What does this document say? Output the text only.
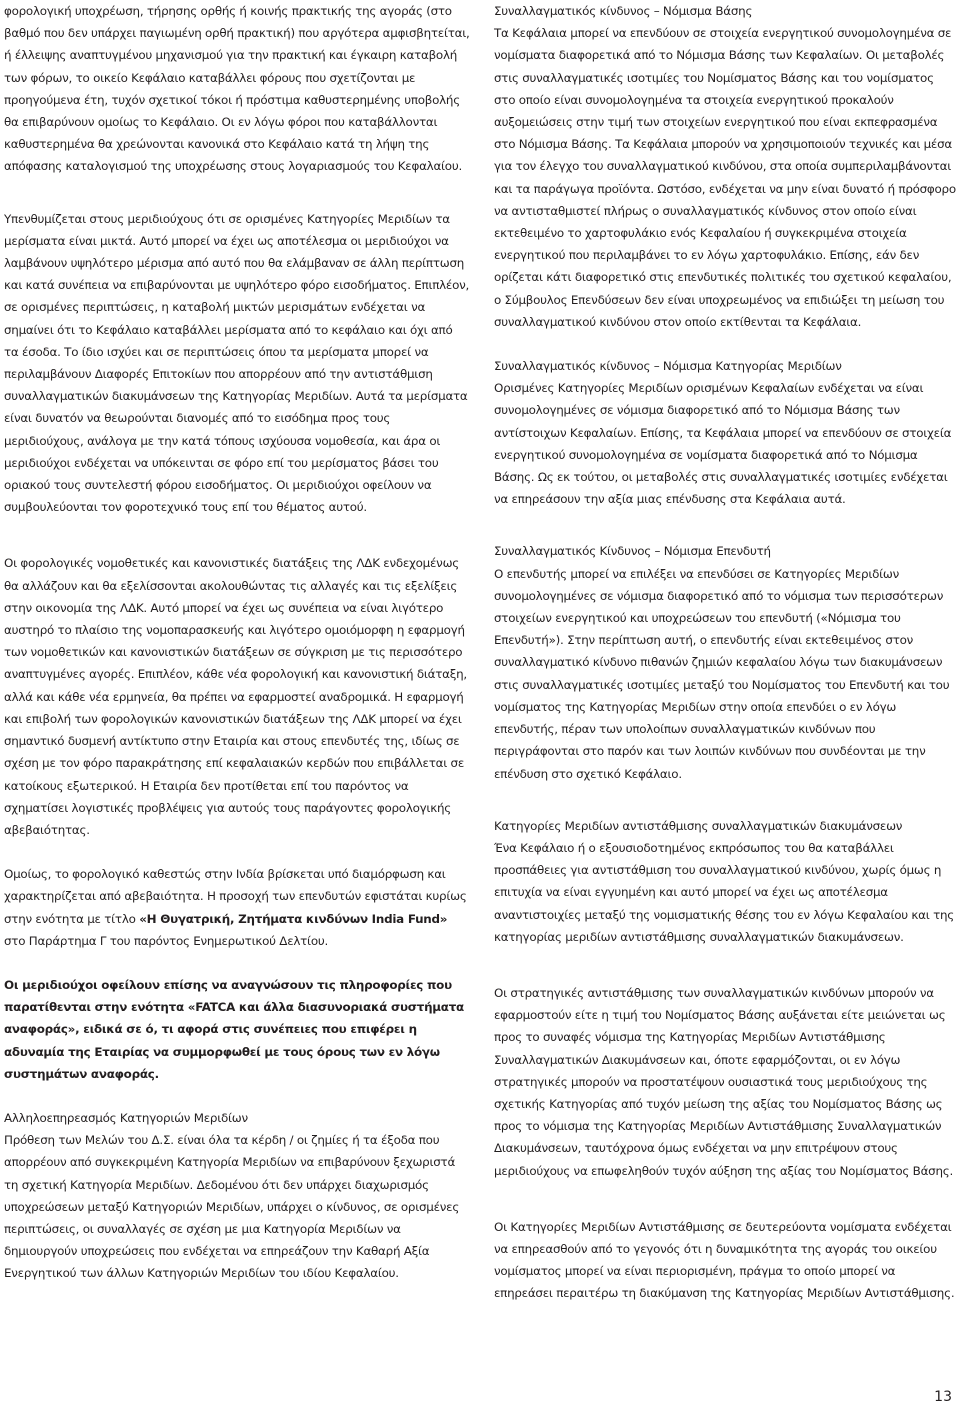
φορολογική υποχρέωση, τήρησης ορθής ή κοινής πρακτικής της αγοράς (στο βαθμό που δεν υπάρχει παγιωμένη ορθή πρακτική) που αργότερα αμφισβητείται, ή έλλειψης αναπτυγμένου μηχανισμού για την πρακτική και έγκαιρη καταβολή των φόρων, το οικείο Κεφάλαιο καταβάλλει φόρους που σχετίζονται με προηγούμενα έτη, τυχόν σχετικοί τόκοι ή πρόστιμα καθυστερημένης υποβολής θα επιβαρύνουν ομοίως το Κεφάλαιο. Οι εν λόγω φόροι που καταβάλλονται καθυστερημένα θα χρεώνονται κανονικά στο Κεφάλαιο κατά τη λήψη της απόφασης καταλογισμού της υποχρέωσης στους λογαριασμούς του Κεφαλαίου.

Υπενθυμίζεται στους μεριδιούχους ότι σε ορισμένες Κατηγορίες Μεριδίων τα μερίσματα είναι μικτά. Αυτό μπορεί να έχει ως αποτέλεσμα οι μεριδιούχοι να λαμβάνουν υψηλότερο μέρισμα από αυτό που θα ελάμβαναν σε άλλη περίπτωση και κατά συνέπεια να επιβαρύνονται με υψηλότερο φόρο εισοδήματος. Επιπλέον, σε ορισμένες περιπτώσεις, η καταβολή μικτών μερισμάτων ενδέχεται να σημαίνει ότι το Κεφάλαιο καταβάλλει μερίσματα από το κεφάλαιο και όχι από τα έσοδα. Το ίδιο ισχύει και σε περιπτώσεις όπου τα μερίσματα μπορεί να περιλαμβάνουν Διαφορές Επιτοκίων που απορρέουν από την αντιστάθμιση συναλλαγματικών διακυμάνσεων της Κατηγορίας Μεριδίων. Αυτά τα μερίσματα είναι δυνατόν να θεωρούνται διανομές από το εισόδημα προς τους μεριδιούχους, ανάλογα με την κατά τόπους ισχύουσα νομοθεσία, και άρα οι μεριδιούχοι ενδέχεται να υπόκεινται σε φόρο επί του μερίσματος βάσει του οριακού τους συντελεστή φόρου εισοδήματος. Οι μεριδιούχοι οφείλουν να συμβουλεύονται τον φοροτεχνικό τους επί του θέματος αυτού.

Οι φορολογικές νομοθετικές και κανονιστικές διατάξεις της ΛΔΚ ενδεχομένως θα αλλάζουν και θα εξελίσσονται ακολουθώντας τις αλλαγές και τις εξελίξεις στην οικονομία της ΛΔΚ. Αυτό μπορεί να έχει ως συνέπεια να είναι λιγότερο αυστηρό το πλαίσιο της νομοπαρασκευής και λιγότερο ομοιόμορφη η εφαρμογή των νομοθετικών και κανονιστικών διατάξεων σε σύγκριση με τις περισσότερο αναπτυγμένες αγορές. Επιπλέον, κάθε νέα φορολογική και κανονιστική διάταξη, αλλά και κάθε νέα ερμηνεία, θα πρέπει να εφαρμοστεί αναδρομικά. Η εφαρμογή και επιβολή των φορολογικών κανονιστικών διατάξεων της ΛΔΚ μπορεί να έχει σημαντικό δυσμενή αντίκτυπο στην Εταιρία και στους επενδυτές της, ιδίως σε σχέση με τον φόρο παρακράτησης επί κεφαλαιακών κερδών που επιβάλλεται σε κατοίκους εξωτερικού. Η Εταιρία δεν προτίθεται επί του παρόντος να σχηματίσει λογιστικές προβλέψεις για αυτούς τους παράγοντες φορολογικής αβεβαιότητας.

Ομοίως, το φορολογικό καθεστώς στην Ινδία βρίσκεται υπό διαμόρφωση και χαρακτηρίζεται από αβεβαιότητα. Η προσοχή των επενδυτών εφιστάται κυρίως στην ενότητα με τίτλο «Η Θυγατρική, Ζητήματα κινδύνων India Fund» στο Παράρτημα Γ του παρόντος Ενημερωτικού Δελτίου.

Οι μεριδιούχοι οφείλουν επίσης να αναγνώσουν τις πληροφορίες που παρατίθενται στην ενότητα «FATCA και άλλα διασυνοριακά συστήματα αναφοράς», ειδικά σε ό, τι αφορά στις συνέπειες που επιφέρει η αδυναμία της Εταιρίας να συμμορφωθεί με τους όρους των εν λόγω συστημάτων αναφοράς.

Αλληλοεπηρεασμός Κατηγοριών Μεριδίων

Πρόθεση των Μελών του Δ.Σ. είναι όλα τα κέρδη / οι ζημίες ή τα έξοδα που απορρέουν από συγκεκριμένη Κατηγορία Μεριδίων να επιβαρύνουν ξεχωριστά τη σχετική Κατηγορία Μεριδίων. Δεδομένου ότι δεν υπάρχει διαχωρισμός υποχρεώσεων μεταξύ Κατηγοριών Μεριδίων, υπάρχει ο κίνδυνος, σε ορισμένες περιπτώσεις, οι συναλλαγές σε σχέση με μια Κατηγορία Μεριδίων να δημιουργούν υποχρεώσεις που ενδέχεται να επηρεάζουν την Καθαρή Αξία Ενεργητικού των άλλων Κατηγοριών Μεριδίων του ιδίου Κεφαλαίου.

Συναλλαγματικός κίνδυνος – Νόμισμα Βάσης

Τα Κεφάλαια μπορεί να επενδύουν σε στοιχεία ενεργητικού συνομολογημένα σε νομίσματα διαφορετικά από το Νόμισμα Βάσης των Κεφαλαίων. Οι μεταβολές στις συναλλαγματικές ισοτιμίες του Νομίσματος Βάσης και του νομίσματος στο οποίο είναι συνομολογημένα τα στοιχεία ενεργητικού προκαλούν αυξομειώσεις στην τιμή των στοιχείων ενεργητικού που είναι εκπεφρασμένα στο Νόμισμα Βάσης. Τα Κεφάλαια μπορούν να χρησιμοποιούν τεχνικές και μέσα για τον έλεγχο του συναλλαγματικού κινδύνου, στα οποία συμπεριλαμβάνονται και τα παράγωγα προϊόντα. Ωστόσο, ενδέχεται να μην είναι δυνατό ή πρόσφορο να αντισταθμιστεί πλήρως ο συναλλαγματικός κίνδυνος στον οποίο είναι εκτεθειμένο το χαρτοφυλάκιο ενός Κεφαλαίου ή συγκεκριμένα στοιχεία ενεργητικού που περιλαμβάνει το εν λόγω χαρτοφυλάκιο. Επίσης, εάν δεν ορίζεται κάτι διαφορετικό στις επενδυτικές πολιτικές του σχετικού κεφαλαίου, ο Σύμβουλος Επενδύσεων δεν είναι υποχρεωμένος να επιδιώξει τη μείωση του συναλλαγματικού κινδύνου στον οποίο εκτίθενται τα Κεφάλαια.

Συναλλαγματικός κίνδυνος – Νόμισμα Κατηγορίας Μεριδίων

Ορισμένες Κατηγορίες Μεριδίων ορισμένων Κεφαλαίων ενδέχεται να είναι συνομολογημένες σε νόμισμα διαφορετικό από το Νόμισμα Βάσης των αντίστοιχων Κεφαλαίων. Επίσης, τα Κεφάλαια μπορεί να επενδύουν σε στοιχεία ενεργητικού συνομολογημένα σε νομίσματα διαφορετικά από το Νόμισμα Βάσης. Ως εκ τούτου, οι μεταβολές στις συναλλαγματικές ισοτιμίες ενδέχεται να επηρεάσουν την αξία μιας επένδυσης στα Κεφάλαια αυτά.

Συναλλαγματικός Κίνδυνος – Νόμισμα Επενδυτή

Ο επενδυτής μπορεί να επιλέξει να επενδύσει σε Κατηγορίες Μεριδίων συνομολογημένες σε νόμισμα διαφορετικό από το νόμισμα των περισσότερων στοιχείων ενεργητικού και υποχρεώσεων του επενδυτή («Νόμισμα του Επενδυτή»). Στην περίπτωση αυτή, ο επενδυτής είναι εκτεθειμένος στον συναλλαγματικό κίνδυνο πιθανών ζημιών κεφαλαίου λόγω των διακυμάνσεων στις συναλλαγματικές ισοτιμίες μεταξύ του Νομίσματος του Επενδυτή και του νομίσματος της Κατηγορίας Μεριδίων στην οποία επενδύει ο εν λόγω επενδυτής, πέραν των υπολοίπων συναλλαγματικών κινδύνων που περιγράφονται στο παρόν και των λοιπών κινδύνων που συνδέονται με την επένδυση στο σχετικό Κεφάλαιο.

Κατηγορίες Μεριδίων αντιστάθμισης συναλλαγματικών διακυμάνσεων

Ένα Κεφάλαιο ή ο εξουσιοδοτημένος εκπρόσωπος του θα καταβάλλει προσπάθειες για αντιστάθμιση του συναλλαγματικού κινδύνου, χωρίς όμως η επιτυχία να είναι εγγυημένη και αυτό μπορεί να έχει ως αποτέλεσμα αναντιστοιχίες μεταξύ της νομισματικής θέσης του εν λόγω Κεφαλαίου και της κατηγορίας μεριδίων αντιστάθμισης συναλλαγματικών διακυμάνσεων.

Οι στρατηγικές αντιστάθμισης των συναλλαγματικών κινδύνων μπορούν να εφαρμοστούν είτε η τιμή του Νομίσματος Βάσης αυξάνεται είτε μειώνεται ως προς το συναφές νόμισμα της Κατηγορίας Μεριδίων Αντιστάθμισης Συναλλαγματικών Διακυμάνσεων και, όποτε εφαρμόζονται, οι εν λόγω στρατηγικές μπορούν να προστατέψουν ουσιαστικά τους μεριδιούχους της σχετικής Κατηγορίας από τυχόν μείωση της αξίας του Νομίσματος Βάσης ως προς το νόμισμα της Κατηγορίας Μεριδίων Αντιστάθμισης Συναλλαγματικών Διακυμάνσεων, ταυτόχρονα όμως ενδέχεται να μην επιτρέψουν στους μεριδιούχους να επωφεληθούν τυχόν αύξηση της αξίας του Νομίσματος Βάσης.

Οι Κατηγορίες Μεριδίων Αντιστάθμισης σε δευτερεύοντα νομίσματα ενδέχεται να επηρεασθούν από το γεγονός ότι η δυναμικότητα της αγοράς του οικείου νομίσματος μπορεί να είναι περιορισμένη, πράγμα το οποίο μπορεί να επηρεάσει περαιτέρω τη διακύμανση της Κατηγορίας Μεριδίων Αντιστάθμισης.

13
